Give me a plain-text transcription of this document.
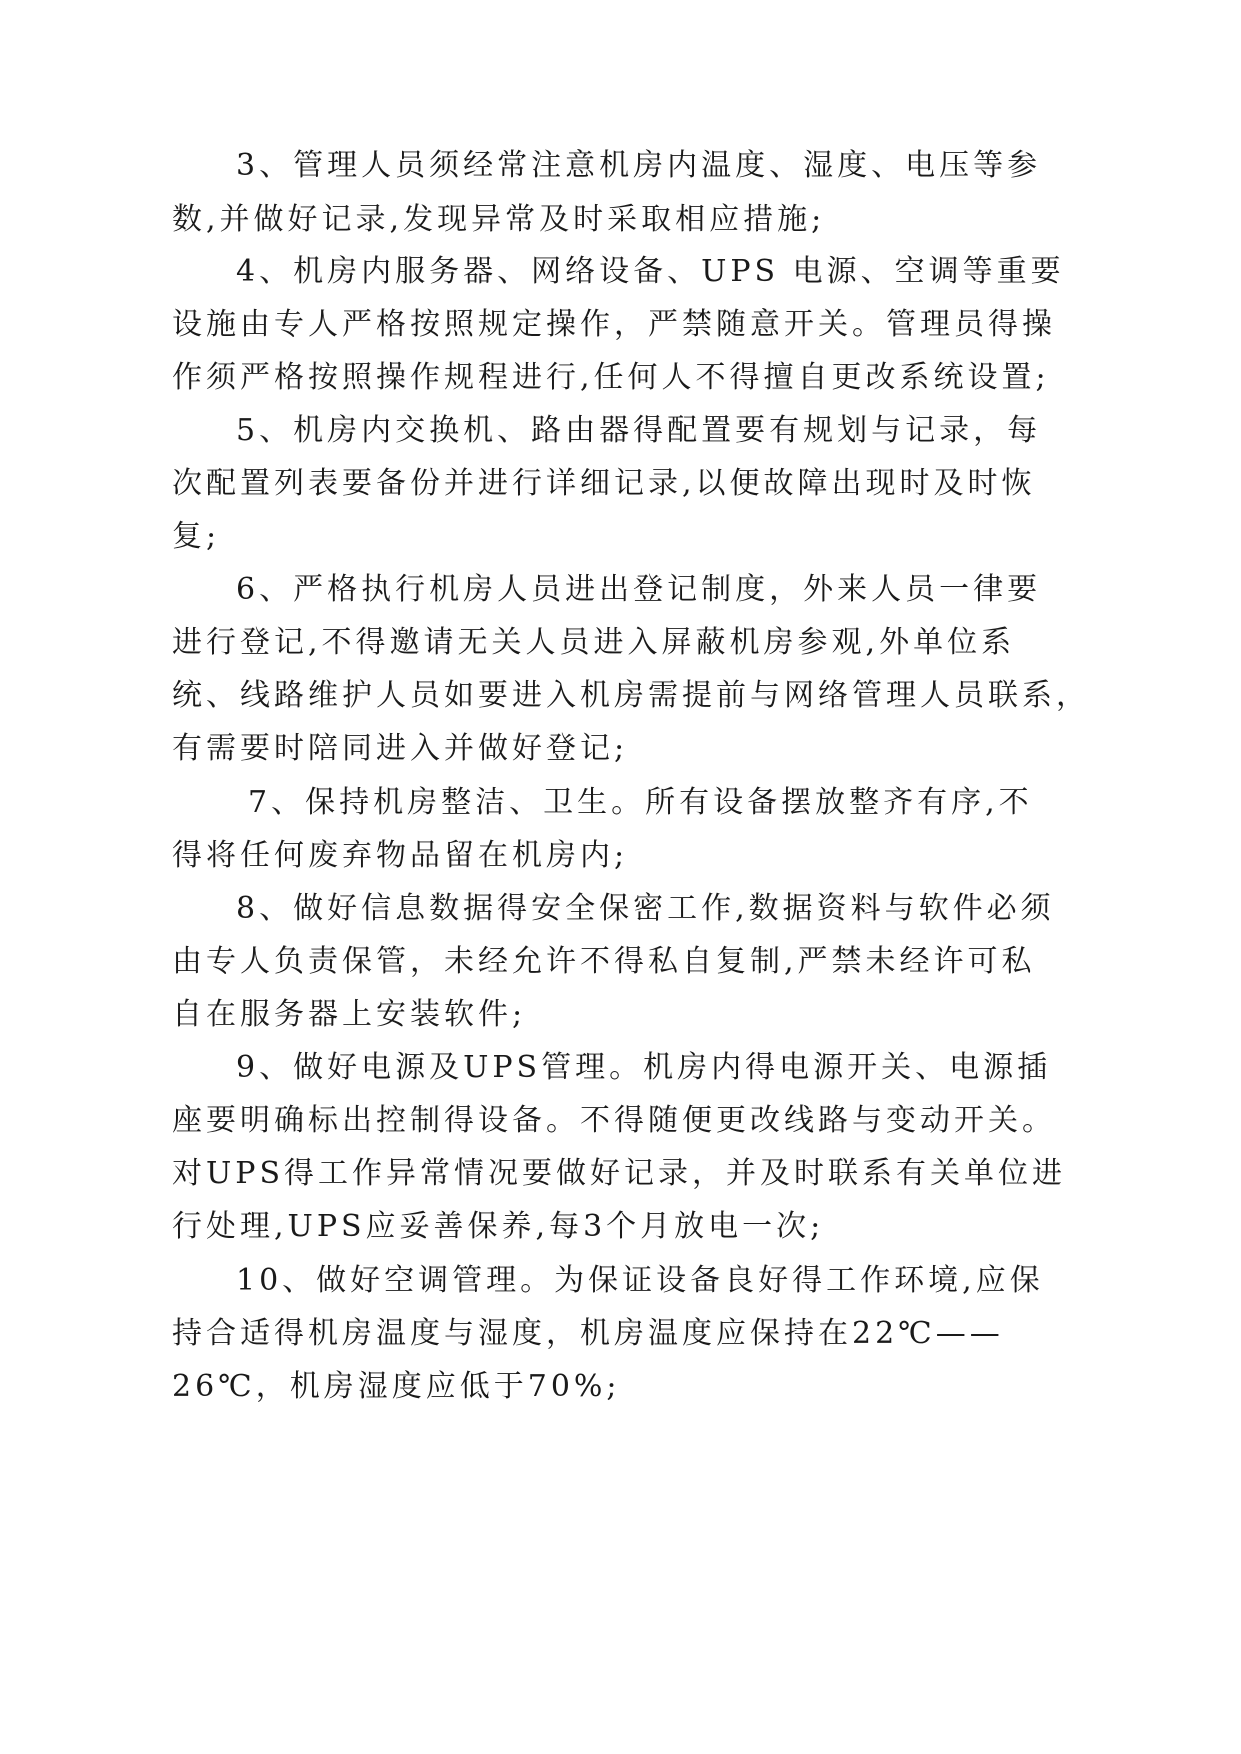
3、管理人员须经常注意机房内温度、湿度、电压等参

数,并做好记录,发现异常及时采取相应措施;

4、机房内服务器、网络设备、UPS 电源、空调等重要

设施由专人严格按照规定操作，严禁随意开关。管理员得操

作须严格按照操作规程进行,任何人不得擅自更改系统设置;

5、机房内交换机、路由器得配置要有规划与记录，每

次配置列表要备份并进行详细记录,以便故障出现时及时恢

复;

6、严格执行机房人员进出登记制度，外来人员一律要

进行登记,不得邀请无关人员进入屏蔽机房参观,外单位系

统、线路维护人员如要进入机房需提前与网络管理人员联系，

有需要时陪同进入并做好登记;

7、保持机房整洁、卫生。所有设备摆放整齐有序,不

得将任何废弃物品留在机房内;

8、做好信息数据得安全保密工作,数据资料与软件必须

由专人负责保管，未经允许不得私自复制,严禁未经许可私

自在服务器上安装软件;

9、做好电源及UPS管理。机房内得电源开关、电源插

座要明确标出控制得设备。不得随便更改线路与变动开关。

对UPS得工作异常情况要做好记录，并及时联系有关单位进

行处理,UPS应妥善保养,每3个月放电一次;

10、做好空调管理。为保证设备良好得工作环境,应保

持合适得机房温度与湿度，机房温度应保持在22℃——

26℃，机房湿度应低于70%;
